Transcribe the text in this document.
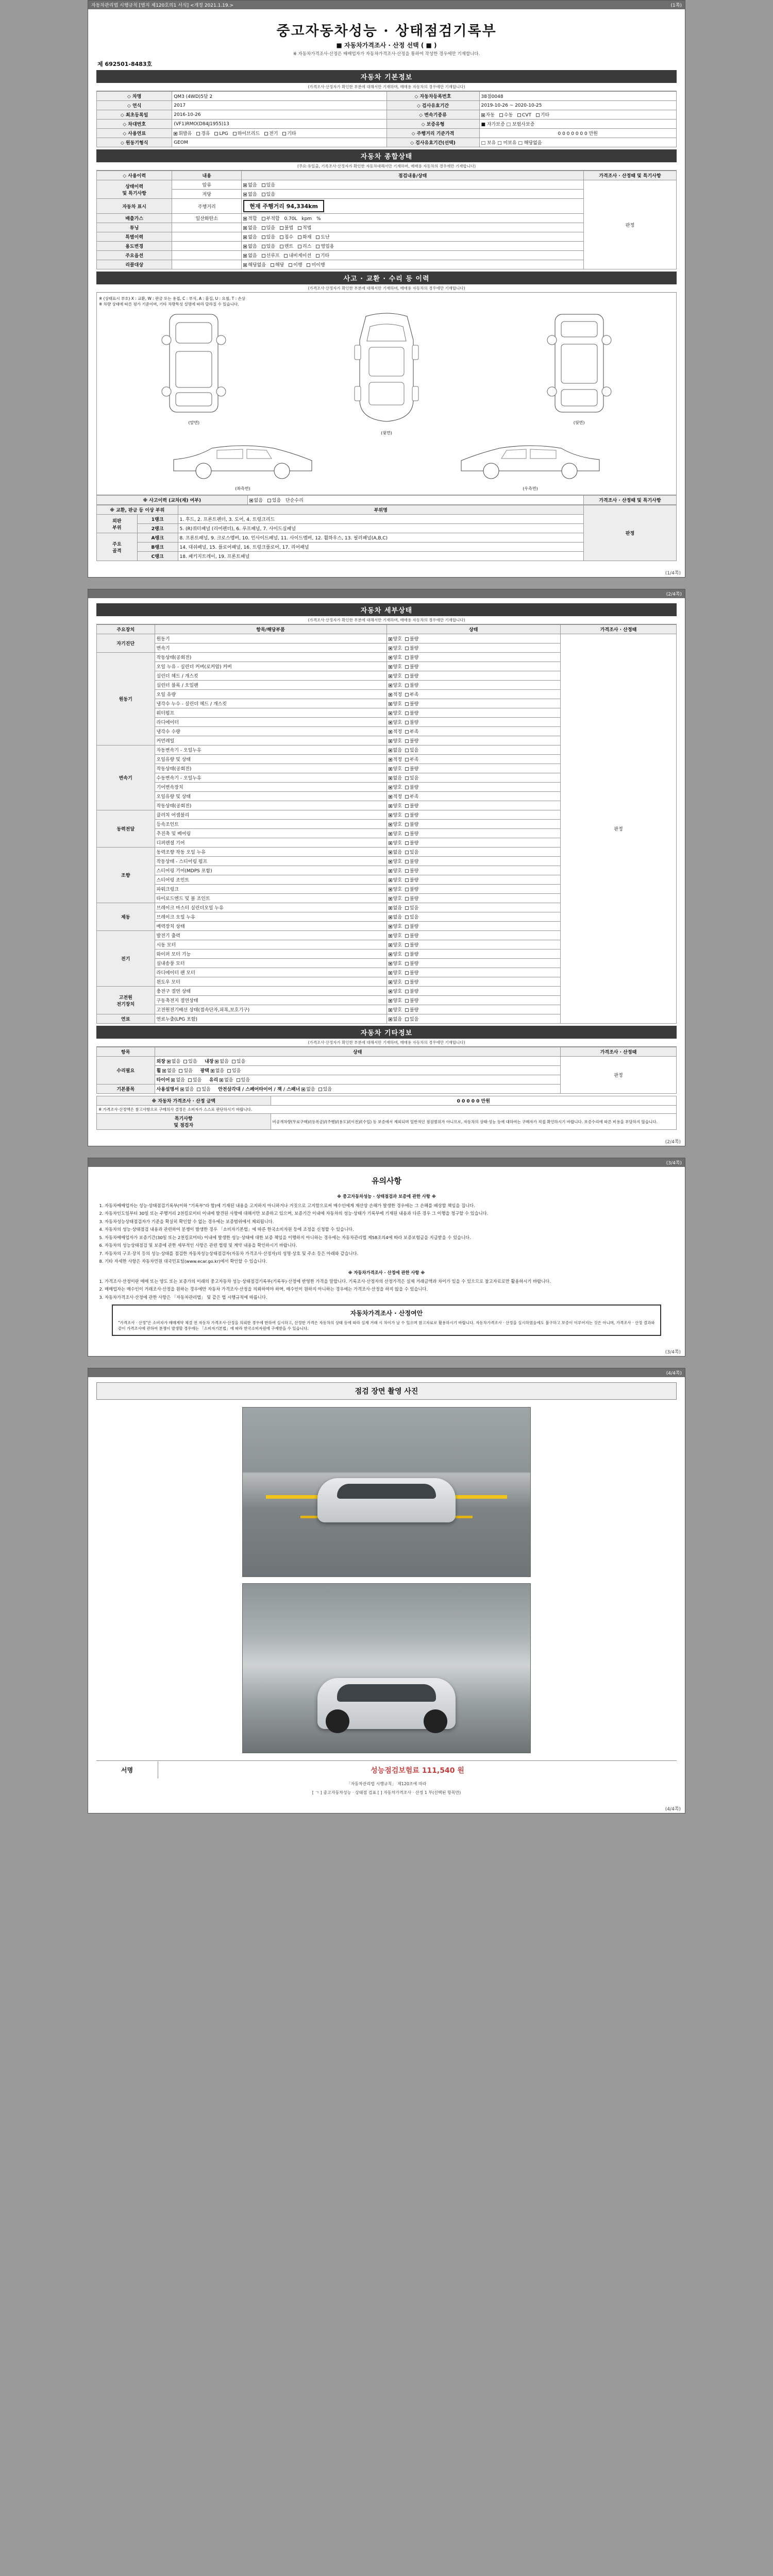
자동차관리법 시행규칙 [별지 제120호의1 서식] <개정 2021.1.19.>	(1쪽)
중고자동차성능 · 상태점검기록부
■ 자동차가격조사 · 산정 선택 ( ■ )
※ 자동차가격조사·산정은 매매업자가 자동차가격조사·산정을 통하여 작성한 경우에만 기재합니다.
제 692501-8483호
자동차 기본정보
(가격조사·산정자가 확인한 부분에 대해서만 기재하며, 매매용 자동차의 경우에만 기재합니다)
◇ 차명	QM3 (4WD)5달 2	◇ 자동차등록번호	38점0048
◇ 연식	2017	◇ 검사유효기간	2019-10-26 ~ 2020-10-25
◇ 최초등록일	2016-10-26	◇ 변속기종류	자동 수동 CVT 기타
◇ 차대번호	(VF1)RMO(D84J1955)13	◇ 보증유형	■ 자가보증 □ 보험사보증
◇ 사용연료	휘발유 경유 LPG 하이브리드 전기 기타	◇ 주행거리 기준가격	0 0 0 0 0 0 0 만원
◇ 원동기형식	GEOM	◇ 검사유효기간(선택)	□ 보유 □ 미보유 □ 해당없음
자동차 종합상태
(주요·유일출, 기록조사·산정자가 확인한 자동차대해서만 기재하며, 매매용 자동차의 경우에만 기재합니다)
◇ 사용이력	내용	점검내용/상태	가격조사 · 산정때 및 특기사항
상태이력
및 특기사항	압류	없음 있음	판정
	저당	없음 있음	
자동차 표시	주행거리	현재 주행거리 94,334km	
배출가스	일산화탄소	적합 부적합 0.70L kpm %	
튜닝		없음 있음 불법 적법	
특별이력		없음 있음 침수 화재 도난	
용도변경		없음 있음 렌트 리스 영업용	
주요옵션		없음 선루프 내비게이션 기타	
리콜대상		해당없음 해당 이행 미이행	
사고 · 교환 · 수리 등 이력
(가격조사·산정자가 확인한 부분에 대해서만 기재하며, 매매용 자동차의 경우에만 기재합니다)
※ (상태표시 부호) X : 교환, W : 판금 또는 용접, C : 부식, A : 흠집, U : 요철, T : 손상
※ 차량 상태에 따른 평가 기준이며, 기타 차량특성 설명에 따라 달라질 수 있습니다.
(앞면)
(윗면)
(뒷면)
(좌측면)	(우측면)
※ 사고이력 (교차(재) 여부)	없음 있음 단순수리	가격조사 · 산정때 및 특기사항
※ 교환, 판금 등 이상 부위		부위명	판정
외판
부위	1랭크	1. 후드, 2. 프론트펜더, 3. 도어, 4. 트렁크리드	
	2랭크	5. (R)쿼터패널 (리어펜더), 6. 루프패널, 7. 사이드실패널	
주요
골격	A랭크	8. 프론트패널, 9. 크로스멤버, 10. 인사이드패널, 11. 사이드멤버, 12. 휠하우스, 13. 필러패널(A,B,C)	
	B랭크	14. 대쉬패널, 15. 플로어패널, 16. 트렁크플로어, 17. 리어패널	
	C랭크	18. 패키지트레이, 19. 프론트패널	
(1/4쪽)
(2/4쪽)
자동차 세부상태
(가격조사·산정자가 확인한 부분에 대해서만 기재하며, 매매용 자동차의 경우에만 기재합니다)
주요장치	항목/해당부품	상태	가격조사 · 산정때
자기진단	원동기	양호 불량	판정
	변속기	양호 불량	
원동기	작동상태(공회전)	양호 불량	
	오일 누유 - 실린더 커버(로커암) 커버	양호 불량	
	실린더 헤드 / 개스킷	양호 불량	
	실린더 블록 / 오일팬	양호 불량	
	오일 유량	적정 부족	
	냉각수 누수 - 실린더 헤드 / 개스킷	양호 불량	
	워터펌프	양호 불량	
	라디에이터	양호 불량	
	냉각수 수량	적정 부족	
	커먼레일	양호 불량	
변속기	자동변속기 - 오일누유	없음 있음	
	오일유량 및 상태	적정 부족	
	작동상태(공회전)	양호 불량	
	수동변속기 - 오일누유	없음 있음	
	기어변속장치	양호 불량	
	오일유량 및 상태	적정 부족	
	작동상태(공회전)	양호 불량	
동력전달	클러치 어셈블리	양호 불량	
	등속조인트	양호 불량	
	추진축 및 베어링	양호 불량	
	디퍼렌셜 기어	양호 불량	
조향	동력조향 작동 오일 누유	없음 있음	
	작동상태 - 스티어링 펌프	양호 불량	
	스티어링 기어(MDPS 포함)	양호 불량	
	스티어링 조인트	양호 불량	
	파워크링크	양호 불량	
	타이로드엔드 및 볼 조인트	양호 불량	
제동	브레이크 마스터 실린더오일 누유	없음 있음	
	브레이크 오일 누유	없음 있음	
	배력장치 상태	양호 불량	
전기	발전기 출력	양호 불량	
	시동 모터	양호 불량	
	와이퍼 모터 기능	양호 불량	
	실내송풍 모터	양호 불량	
	라디에이터 팬 모터	양호 불량	
	윈도우 모터	양호 불량	
고전원
전기장치	충전구 절연 상태	양호 불량	
	구동축전지 절연상태	양호 불량	
	고전원전기배선 상태(접속단자,피복,보호기구)	양호 불량	
연료	연료누출(LPG 포함)	없음 있음	
자동차 기타정보
(가격조사·산정자가 확인한 부분에 대해서만 기재하며, 매매용 자동차의 경우에만 기재합니다)
항목	상태	가격조사 · 산정때
수리필요	외장 없음 있음 내장 없음 있음	판정
	휠 없음 있음 광택 없음 있음	
	타이어 없음 있음 유리 없음 있음	
기본품목	사용설명서 없음 있음 안전삼각대 / 스페어타이어 / 잭 / 스패너 없음 있음	
※ 자동차 가격조사 · 산정 금액	0 0 0 0 0 만원
※ 가격조사·산정액은 참고사항으로 구매의사 결정은 소비자가 스스로 판단하시기 바랍니다.	
특기사항
및 점검자	비공개차량(무료구매)/(등록금)/(주행)/(용도)/(이전)/(수입) 등 보증에서 제외되며 일반적인 점검범위가 아니므로, 자동차의 상태·성능 등에 대하여는 구매자가 직접 확인하시기 바랍니다. 보증수리에 따른 비용을 부담하지 않습니다.
(2/4쪽)
(3/4쪽)
유의사항
※ 중고자동차성능 · 상태점검과 보증에 관한 사항 ※
1. 자동차매매업자는 성능·상태점검기록부(이하 "기록부"라 함)에 기재된 내용을 고지하지 아니하거나 거짓으로 고지함으로써 매수인에게 재산상 손해가 발생한 경우에는 그 손해를 배상할 책임을 집니다.
2. 자동차인도일부터 30일 또는 주행거리 2천킬로미터 이내에 발견된 사항에 대해서만 보증하고 있으며, 보증기간 이내에 자동차의 성능·상태가 기록부에 기재된 내용과 다른 경우 그 이행을 청구할 수 있습니다.
3. 자동차성능상태점검자가 기준을 확실히 확인할 수 없는 경우에는 보증범위에서 제외됩니다.
4. 자동차의 성능·상태점검 내용과 관련하여 분쟁이 발생한 경우 「소비자기본법」에 따른 한국소비자원 등에 조정을 신청할 수 있습니다.
5. 자동차매매업자가 보증기간(30일 또는 2천킬로미터) 이내에 발생한 성능·상태에 대한 보증 책임을 이행하지 아니하는 경우에는 자동차관리법 제58조의4에 따라 보증보험금을 지급받을 수 있습니다.
6. 자동차의 성능상태점검 및 보증에 관한 세부적인 사항은 관련 법령 및 계약 내용을 확인하시기 바랍니다.
7. 자동차의 구조·장치 등의 성능·상태를 점검한 자동차성능상태점검자(자동차 가격조사·산정자)의 성명·상호 및 주소 등은 아래와 같습니다.
8. 기타 자세한 사항은 자동차민원 대국민포털(www.ecar.go.kr)에서 확인할 수 있습니다.
※ 자동차가격조사 · 산정에 관한 사항 ※
1. 가격조사·산정이란 매매 또는 양도 또는 보증가의 이래의 중고자동차 성능·상태점검기록부(기록부)·산정에 반영한 가격을 말합니다. 기록조사·산정자의 산정가격은 실제 거래금액과 차이가 있을 수 있으므로 참고자료로만 활용하시기 바랍니다.
2. 매매업자는 매수인이 거래조사·산정을 원하는 경우에만 자동차 가격조사·산정을 의뢰하여야 하며, 매수인이 원하지 아니하는 경우에는 가격조사·산정을 하지 않을 수 있습니다.
3. 자동차가격조사·산정에 관한 사항은 「자동차관리법」 및 같은 법 시행규칙에 따릅니다.
자동차가격조사 · 산정여안
"가격조사 · 산정"은 소비자가 매매계약 체결 전 자동차 가격조사·산정을 의뢰한 경우에 한하여 실시하고, 산정한 가격은 자동차의 상태 등에 따라 실제 거래 시 차이가 날 수 있으며 참고자료로 활용하시기 바랍니다. 자동차가격조사 · 산정을 실시하였음에도 불구하고 보증이 이루어지는 것은 아니며, 가격조사 · 산정 결과와 같이 가격조사에 관하여 분쟁이 발생할 경우에는 「소비자기본법」에 따라 한국소비자원에 구제받을 수 있습니다.
(3/4쪽)
(4/4쪽)
점검 장면 촬영 사진
서명	성능점검보험료 111,540 원
「자동차관리법 시행규칙」 제120조에 따라
[ ㄱ ] 중고자동차성능 · 상태점 검표 [ ] 자동차가격조사 · 산정 1 부(선택된 항목만)
(4/4쪽)
